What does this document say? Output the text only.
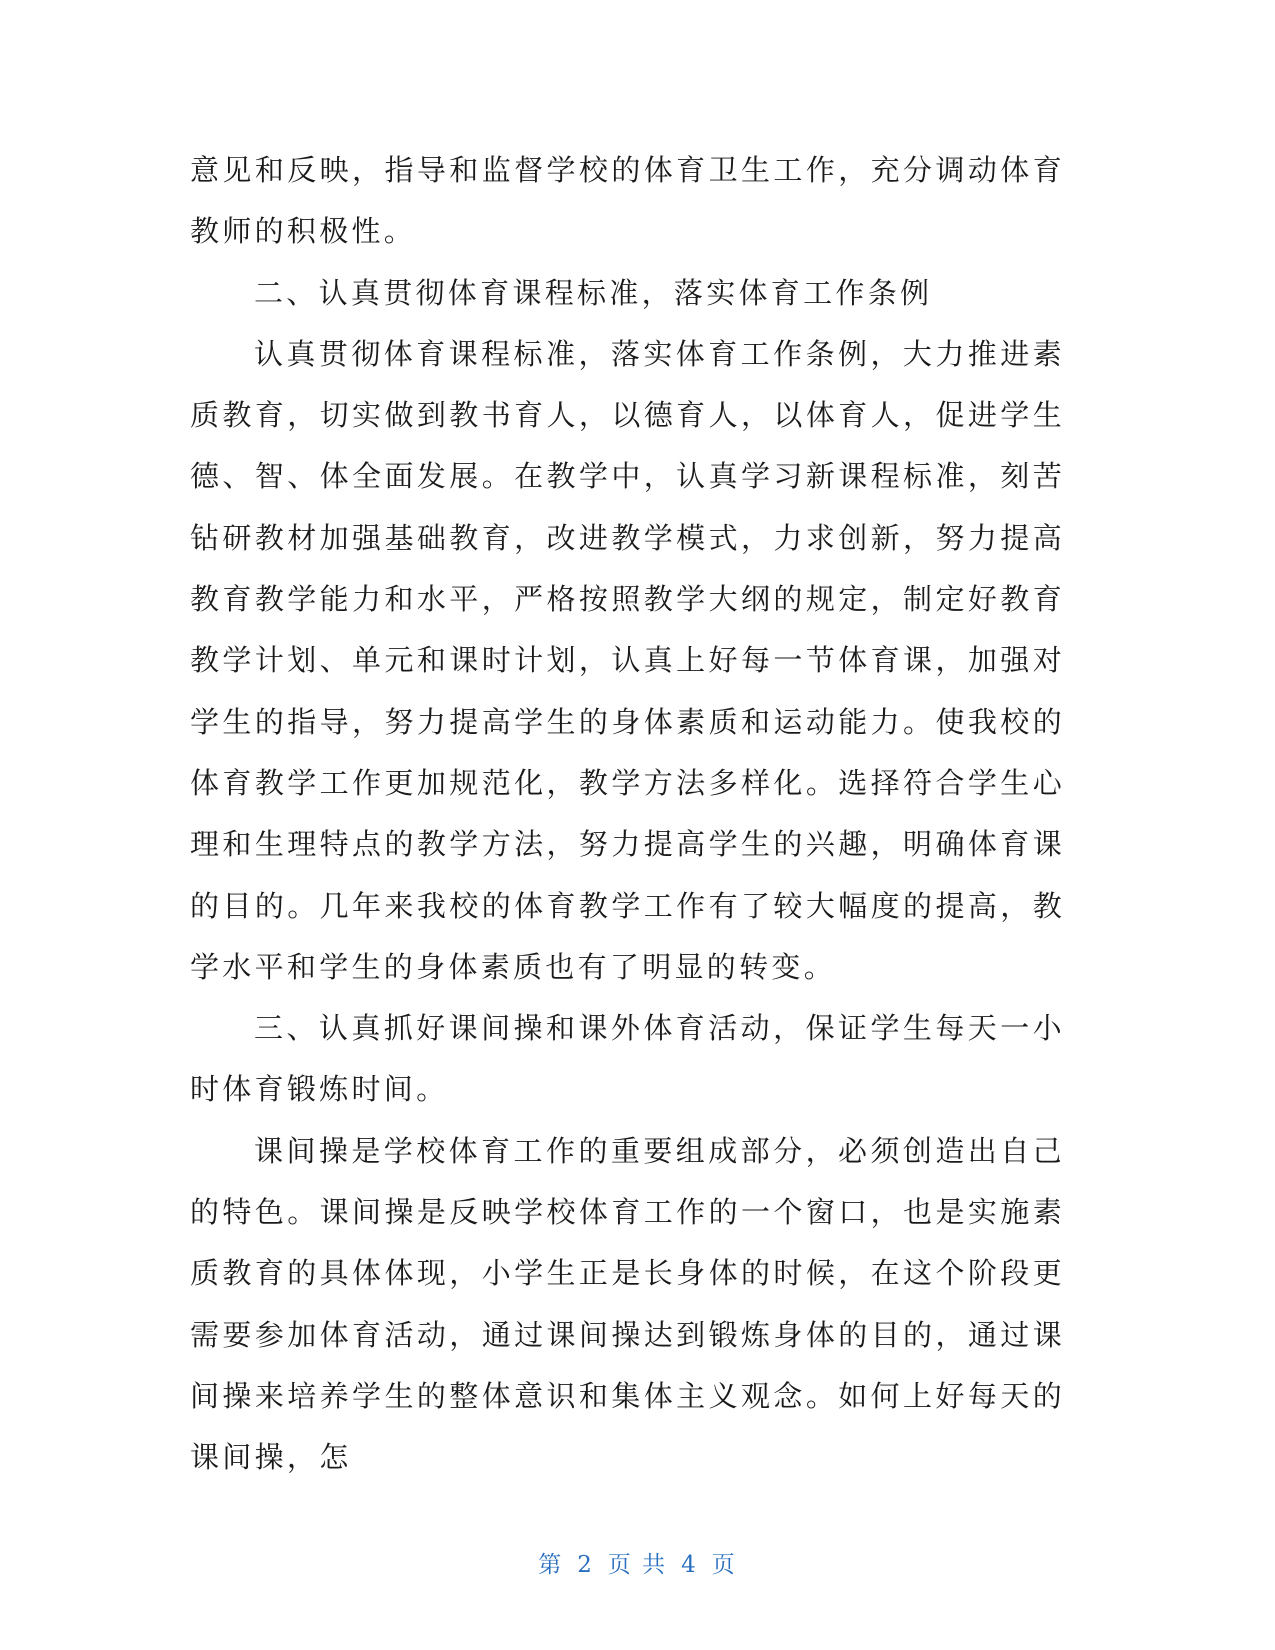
意见和反映，指导和监督学校的体育卫生工作，充分调动体育教师的积极性。

二、认真贯彻体育课程标准，落实体育工作条例

认真贯彻体育课程标准，落实体育工作条例，大力推进素质教育，切实做到教书育人，以德育人，以体育人，促进学生德、智、体全面发展。在教学中，认真学习新课程标准，刻苦钻研教材加强基础教育，改进教学模式，力求创新，努力提高教育教学能力和水平，严格按照教学大纲的规定，制定好教育教学计划、单元和课时计划，认真上好每一节体育课，加强对学生的指导，努力提高学生的身体素质和运动能力。使我校的体育教学工作更加规范化，教学方法多样化。选择符合学生心理和生理特点的教学方法，努力提高学生的兴趣，明确体育课的目的。几年来我校的体育教学工作有了较大幅度的提高，教学水平和学生的身体素质也有了明显的转变。

三、认真抓好课间操和课外体育活动，保证学生每天一小时体育锻炼时间。

课间操是学校体育工作的重要组成部分，必须创造出自己的特色。课间操是反映学校体育工作的一个窗口，也是实施素质教育的具体体现，小学生正是长身体的时候，在这个阶段更需要参加体育活动，通过课间操达到锻炼身体的目的，通过课间操来培养学生的整体意识和集体主义观念。如何上好每天的课间操，怎

第 2 页 共 4 页
